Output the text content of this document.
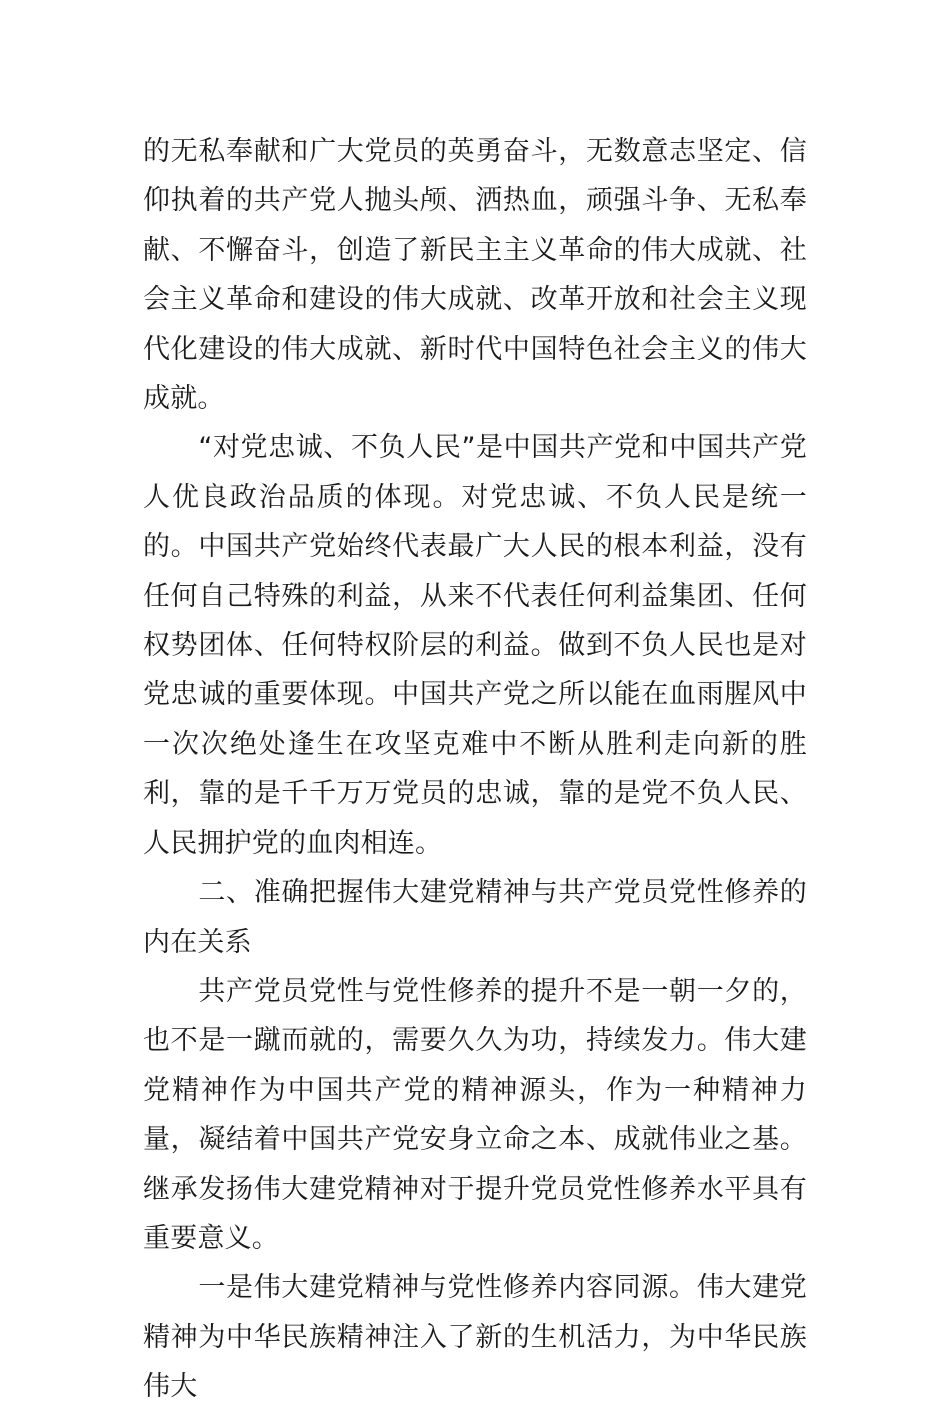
的无私奉献和广大党员的英勇奋斗，无数意志坚定、信仰执着的共产党人抛头颅、洒热血，顽强斗争、无私奉献、不懈奋斗，创造了新民主主义革命的伟大成就、社会主义革命和建设的伟大成就、改革开放和社会主义现代化建设的伟大成就、新时代中国特色社会主义的伟大成就。

“对党忠诚、不负人民”是中国共产党和中国共产党人优良政治品质的体现。对党忠诚、不负人民是统一的。中国共产党始终代表最广大人民的根本利益，没有任何自己特殊的利益，从来不代表任何利益集团、任何权势团体、任何特权阶层的利益。做到不负人民也是对党忠诚的重要体现。中国共产党之所以能在血雨腥风中一次次绝处逢生在攻坚克难中不断从胜利走向新的胜利，靠的是千千万万党员的忠诚，靠的是党不负人民、人民拥护党的血肉相连。

二、准确把握伟大建党精神与共产党员党性修养的内在关系

共产党员党性与党性修养的提升不是一朝一夕的，也不是一蹴而就的，需要久久为功，持续发力。伟大建党精神作为中国共产党的精神源头，作为一种精神力量，凝结着中国共产党安身立命之本、成就伟业之基。继承发扬伟大建党精神对于提升党员党性修养水平具有重要意义。

一是伟大建党精神与党性修养内容同源。伟大建党精神为中华民族精神注入了新的生机活力，为中华民族伟大
